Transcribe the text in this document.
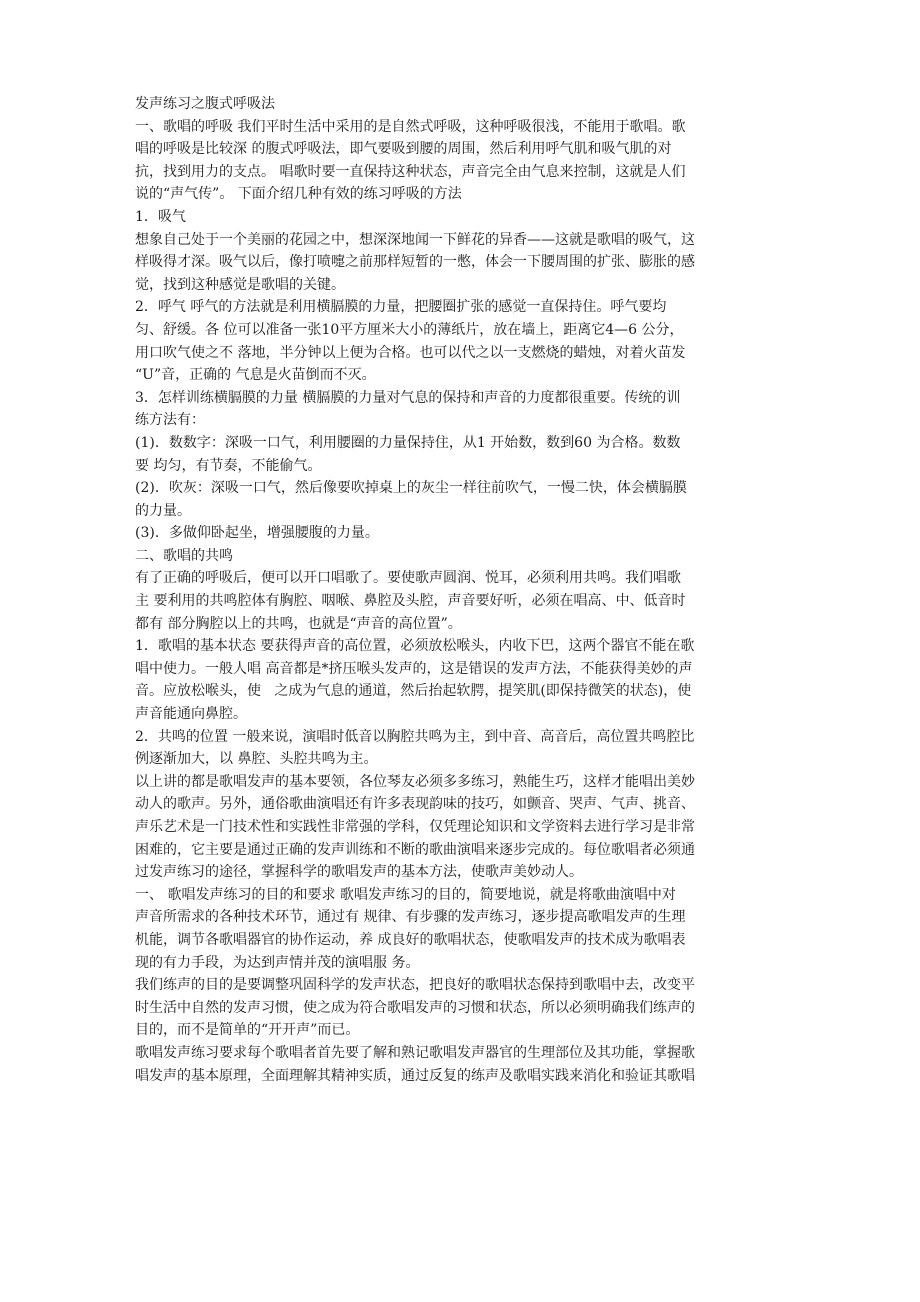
发声练习之腹式呼吸法
一、歌唱的呼吸 我们平时生活中采用的是自然式呼吸，这种呼吸很浅，不能用于歌唱。歌
唱的呼吸是比较深 的腹式呼吸法，即气要吸到腰的周围，然后利用呼气肌和吸气肌的对
抗，找到用力的支点。 唱歌时要一直保持这种状态，声音完全由气息来控制，这就是人们
说的“声气传”。 下面介绍几种有效的练习呼吸的方法
1．吸气
想象自己处于一个美丽的花园之中，想深深地闻一下鲜花的异香——这就是歌唱的吸气，这
样吸得才深。吸气以后，像打喷嚏之前那样短暂的一憋，体会一下腰周围的扩张、膨胀的感
觉，找到这种感觉是歌唱的关键。
2．呼气 呼气的方法就是利用横膈膜的力量，把腰圈扩张的感觉一直保持住。呼气要均
匀、舒缓。各 位可以准备一张10平方厘米大小的薄纸片，放在墙上，距离它4—6 公分，
用口吹气使之不 落地，半分钟以上便为合格。也可以代之以一支燃烧的蜡烛，对着火苗发
“U”音，正确的 气息是火苗倒而不灭。
3．怎样训练横膈膜的力量 横膈膜的力量对气息的保持和声音的力度都很重要。传统的训
练方法有：
(1)．数数字：深吸一口气，利用腰圈的力量保持住，从1 开始数，数到60 为合格。数数
要 均匀，有节奏，不能偷气。
(2)．吹灰：深吸一口气，然后像要吹掉桌上的灰尘一样往前吹气，一慢二快，体会横膈膜
的力量。
(3)．多做仰卧起坐，增强腰腹的力量。
二、歌唱的共鸣
有了正确的呼吸后，便可以开口唱歌了。要使歌声圆润、悦耳，必须利用共鸣。我们唱歌
主 要利用的共鸣腔体有胸腔、咽喉、鼻腔及头腔，声音要好听，必须在唱高、中、低音时
都有 部分胸腔以上的共鸣，也就是“声音的高位置”。
1．歌唱的基本状态 要获得声音的高位置，必须放松喉头，内收下巴，这两个器官不能在歌
唱中使力。一般人唱 高音都是*挤压喉头发声的，这是错误的发声方法，不能获得美妙的声
音。应放松喉头，使   之成为气息的通道，然后抬起软腭，提笑肌(即保持微笑的状态)，使
声音能通向鼻腔。
2．共鸣的位置 一般来说，演唱时低音以胸腔共鸣为主，到中音、高音后，高位置共鸣腔比
例逐渐加大，以 鼻腔、头腔共鸣为主。
以上讲的都是歌唱发声的基本要领，各位琴友必须多多练习，熟能生巧，这样才能唱出美妙
动人的歌声。另外，通俗歌曲演唱还有许多表现韵味的技巧，如颤音、哭声、气声、挑音、
声乐艺术是一门技术性和实践性非常强的学科，仅凭理论知识和文学资料去进行学习是非常
困难的，它主要是通过正确的发声训练和不断的歌曲演唱来逐步完成的。每位歌唱者必须通
过发声练习的途径，掌握科学的歌唱发声的基本方法，使歌声美妙动人。
一、 歌唱发声练习的目的和要求 歌唱发声练习的目的，简要地说，就是将歌曲演唱中对
声音所需求的各种技术环节，通过有 规律、有步骤的发声练习，逐步提高歌唱发声的生理
机能，调节各歌唱器官的协作运动，养 成良好的歌唱状态，使歌唱发声的技术成为歌唱表
现的有力手段，为达到声情并茂的演唱服 务。
我们练声的目的是要调整巩固科学的发声状态，把良好的歌唱状态保持到歌唱中去，改变平
时生活中自然的发声习惯，使之成为符合歌唱发声的习惯和状态，所以必须明确我们练声的
目的，而不是简单的“开开声”而已。
歌唱发声练习要求每个歌唱者首先要了解和熟记歌唱发声器官的生理部位及其功能，掌握歌
唱发声的基本原理，全面理解其精神实质，通过反复的练声及歌唱实践来消化和验证其歌唱
